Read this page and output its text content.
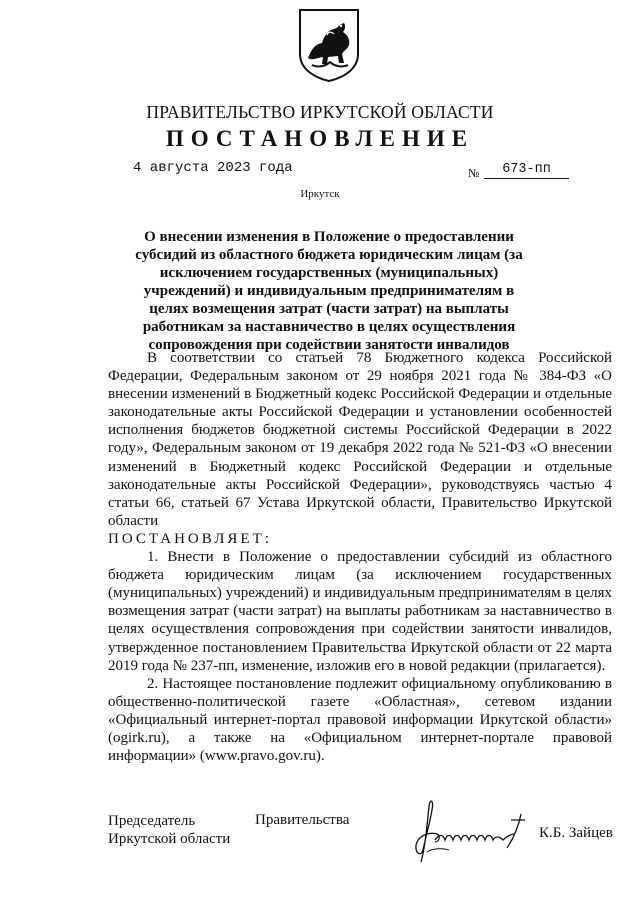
ПРАВИТЕЛЬСТВО ИРКУТСКОЙ ОБЛАСТИ
ПОСТАНОВЛЕНИЕ
4 августа 2023 года	№	673-пп
Иркутск
О внесении изменения в Положение о предоставлении субсидий из областного бюджета юридическим лицам (за исключением государственных (муниципальных) учреждений) и индивидуальным предпринимателям в целях возмещения затрат (части затрат) на выплаты работникам за наставничество в целях осуществления сопровождения при содействии занятости инвалидов

В соответствии со статьей 78 Бюджетного кодекса Российской Федерации, Федеральным законом от 29 ноября 2021 года № 384-ФЗ «О внесении изменений в Бюджетный кодекс Российской Федерации и отдельные законодательные акты Российской Федерации и установлении особенностей исполнения бюджетов бюджетной системы Российской Федерации в 2022 году», Федеральным законом от 19 декабря 2022 года № 521-ФЗ «О внесении изменений в Бюджетный кодекс Российской Федерации и отдельные законодательные акты Российской Федерации», руководствуясь частью 4 статьи 66, статьей 67 Устава Иркутской области, Правительство Иркутской области

ПОСТАНОВЛЯЕТ:

1. Внести в Положение о предоставлении субсидий из областного бюджета юридическим лицам (за исключением государственных (муниципальных) учреждений) и индивидуальным предпринимателям в целях возмещения затрат (части затрат) на выплаты работникам за наставничество в целях осуществления сопровождения при содействии занятости инвалидов, утвержденное постановлением Правительства Иркутской области от 22 марта 2019 года № 237-пп, изменение, изложив его в новой редакции (прилагается).

2. Настоящее постановление подлежит официальному опубликованию в общественно-политической газете «Областная», сетевом издании «Официальный интернет-портал правовой информации Иркутской области» (ogirk.ru), а также на «Официальном интернет-портале правовой информации» (www.pravo.gov.ru).

Председатель
Иркутской области
Правительства
К.Б. Зайцев
